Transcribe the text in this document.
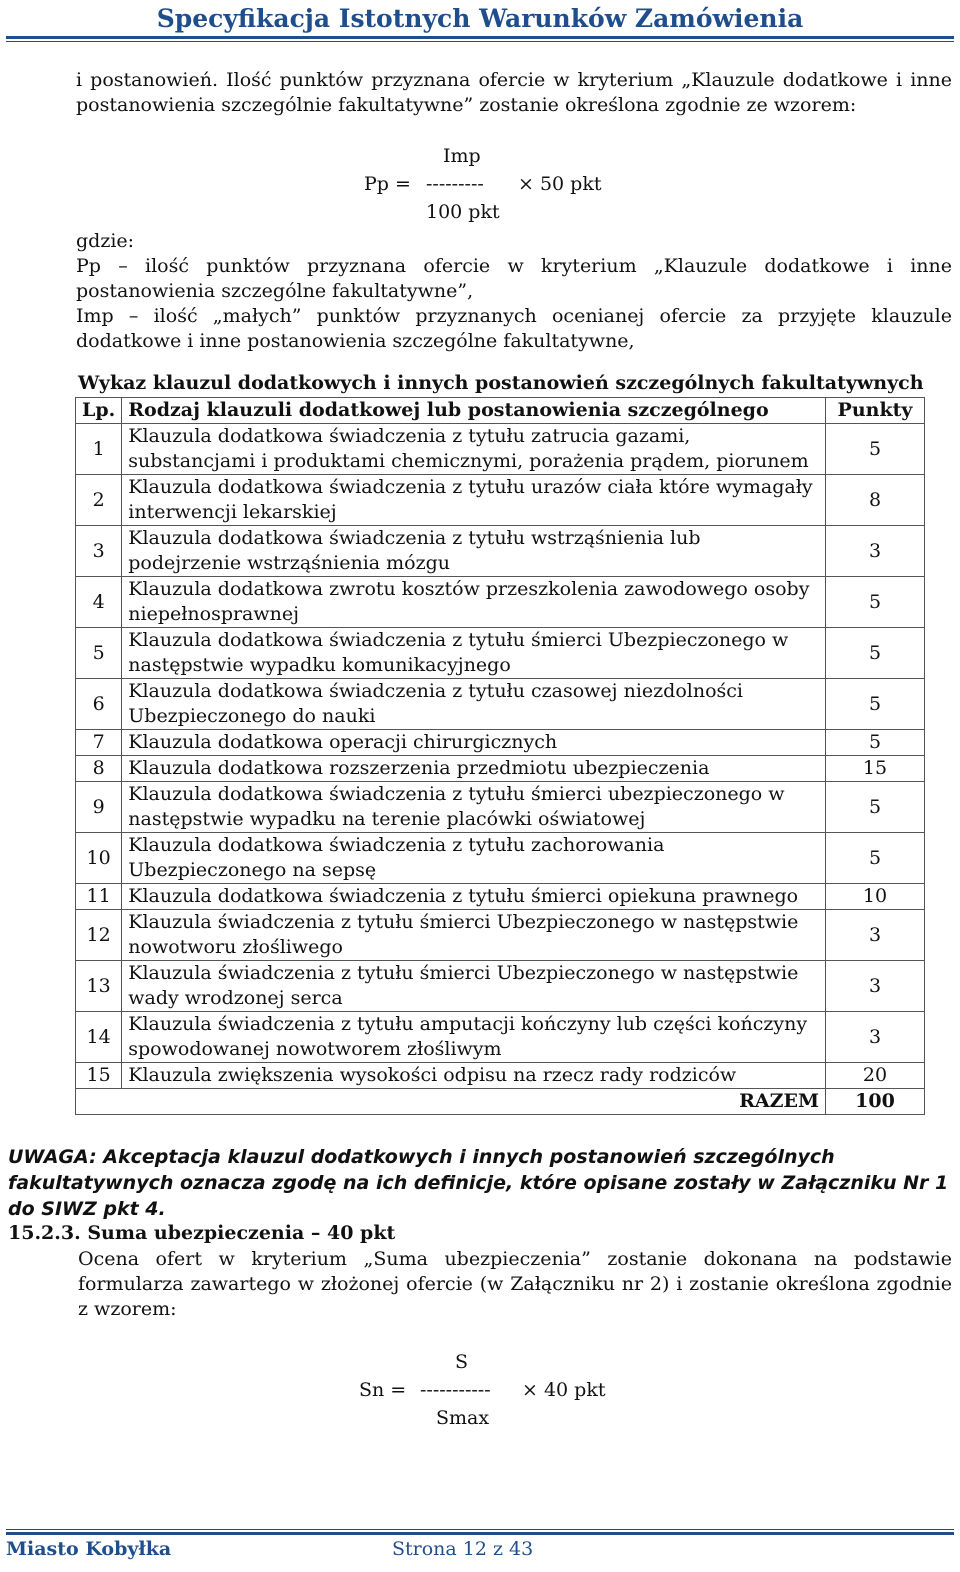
Specyfikacja Istotnych Warunków Zamówienia
i postanowień. Ilość punktów przyznana ofercie w kryterium „Klauzule dodatkowe i inne postanowienia szczególnie fakultatywne” zostanie określona zgodnie ze wzorem:
Imp
Pp = --------- × 50 pkt
100 pkt
gdzie:
Pp – ilość punktów przyznana ofercie w kryterium „Klauzule dodatkowe i inne postanowienia szczególne fakultatywne”,
Imp – ilość „małych” punktów przyznanych ocenianej ofercie za przyjęte klauzule dodatkowe i inne postanowienia szczególne fakultatywne,
Wykaz klauzul dodatkowych i innych postanowień szczególnych fakultatywnych
Lp.	Rodzaj klauzuli dodatkowej lub postanowienia szczególnego	Punkty
1	Klauzula dodatkowa świadczenia z tytułu zatrucia gazami, substancjami i produktami chemicznymi, porażenia prądem, piorunem	5
2	Klauzula dodatkowa świadczenia z tytułu urazów ciała które wymagały interwencji lekarskiej	8
3	Klauzula dodatkowa świadczenia z tytułu wstrząśnienia lub podejrzenie wstrząśnienia mózgu	3
4	Klauzula dodatkowa zwrotu kosztów przeszkolenia zawodowego osoby niepełnosprawnej	5
5	Klauzula dodatkowa świadczenia z tytułu śmierci Ubezpieczonego w następstwie wypadku komunikacyjnego	5
6	Klauzula dodatkowa świadczenia z tytułu czasowej niezdolności Ubezpieczonego do nauki	5
7	Klauzula dodatkowa operacji chirurgicznych	5
8	Klauzula dodatkowa rozszerzenia przedmiotu ubezpieczenia	15
9	Klauzula dodatkowa świadczenia z tytułu śmierci ubezpieczonego w następstwie wypadku na terenie placówki oświatowej	5
10	Klauzula dodatkowa świadczenia z tytułu zachorowania Ubezpieczonego na sepsę	5
11	Klauzula dodatkowa świadczenia z tytułu śmierci opiekuna prawnego	10
12	Klauzula świadczenia z tytułu śmierci Ubezpieczonego w następstwie nowotworu złośliwego	3
13	Klauzula świadczenia z tytułu śmierci Ubezpieczonego w następstwie wady wrodzonej serca	3
14	Klauzula świadczenia z tytułu amputacji kończyny lub części kończyny spowodowanej nowotworem złośliwym	3
15	Klauzula zwiększenia wysokości odpisu na rzecz rady rodziców	20
RAZEM		100
UWAGA: Akceptacja klauzul dodatkowych i innych postanowień szczególnych fakultatywnych oznacza zgodę na ich definicje, które opisane zostały w Załączniku Nr 1 do SIWZ pkt 4.
15.2.3. Suma ubezpieczenia – 40 pkt
Ocena ofert w kryterium „Suma ubezpieczenia” zostanie dokonana na podstawie formularza zawartego w złożonej ofercie (w Załączniku nr 2) i zostanie określona zgodnie z wzorem:
S
Sn = ----------- × 40 pkt
Smax
Miasto Kobyłka	Strona 12 z 43
